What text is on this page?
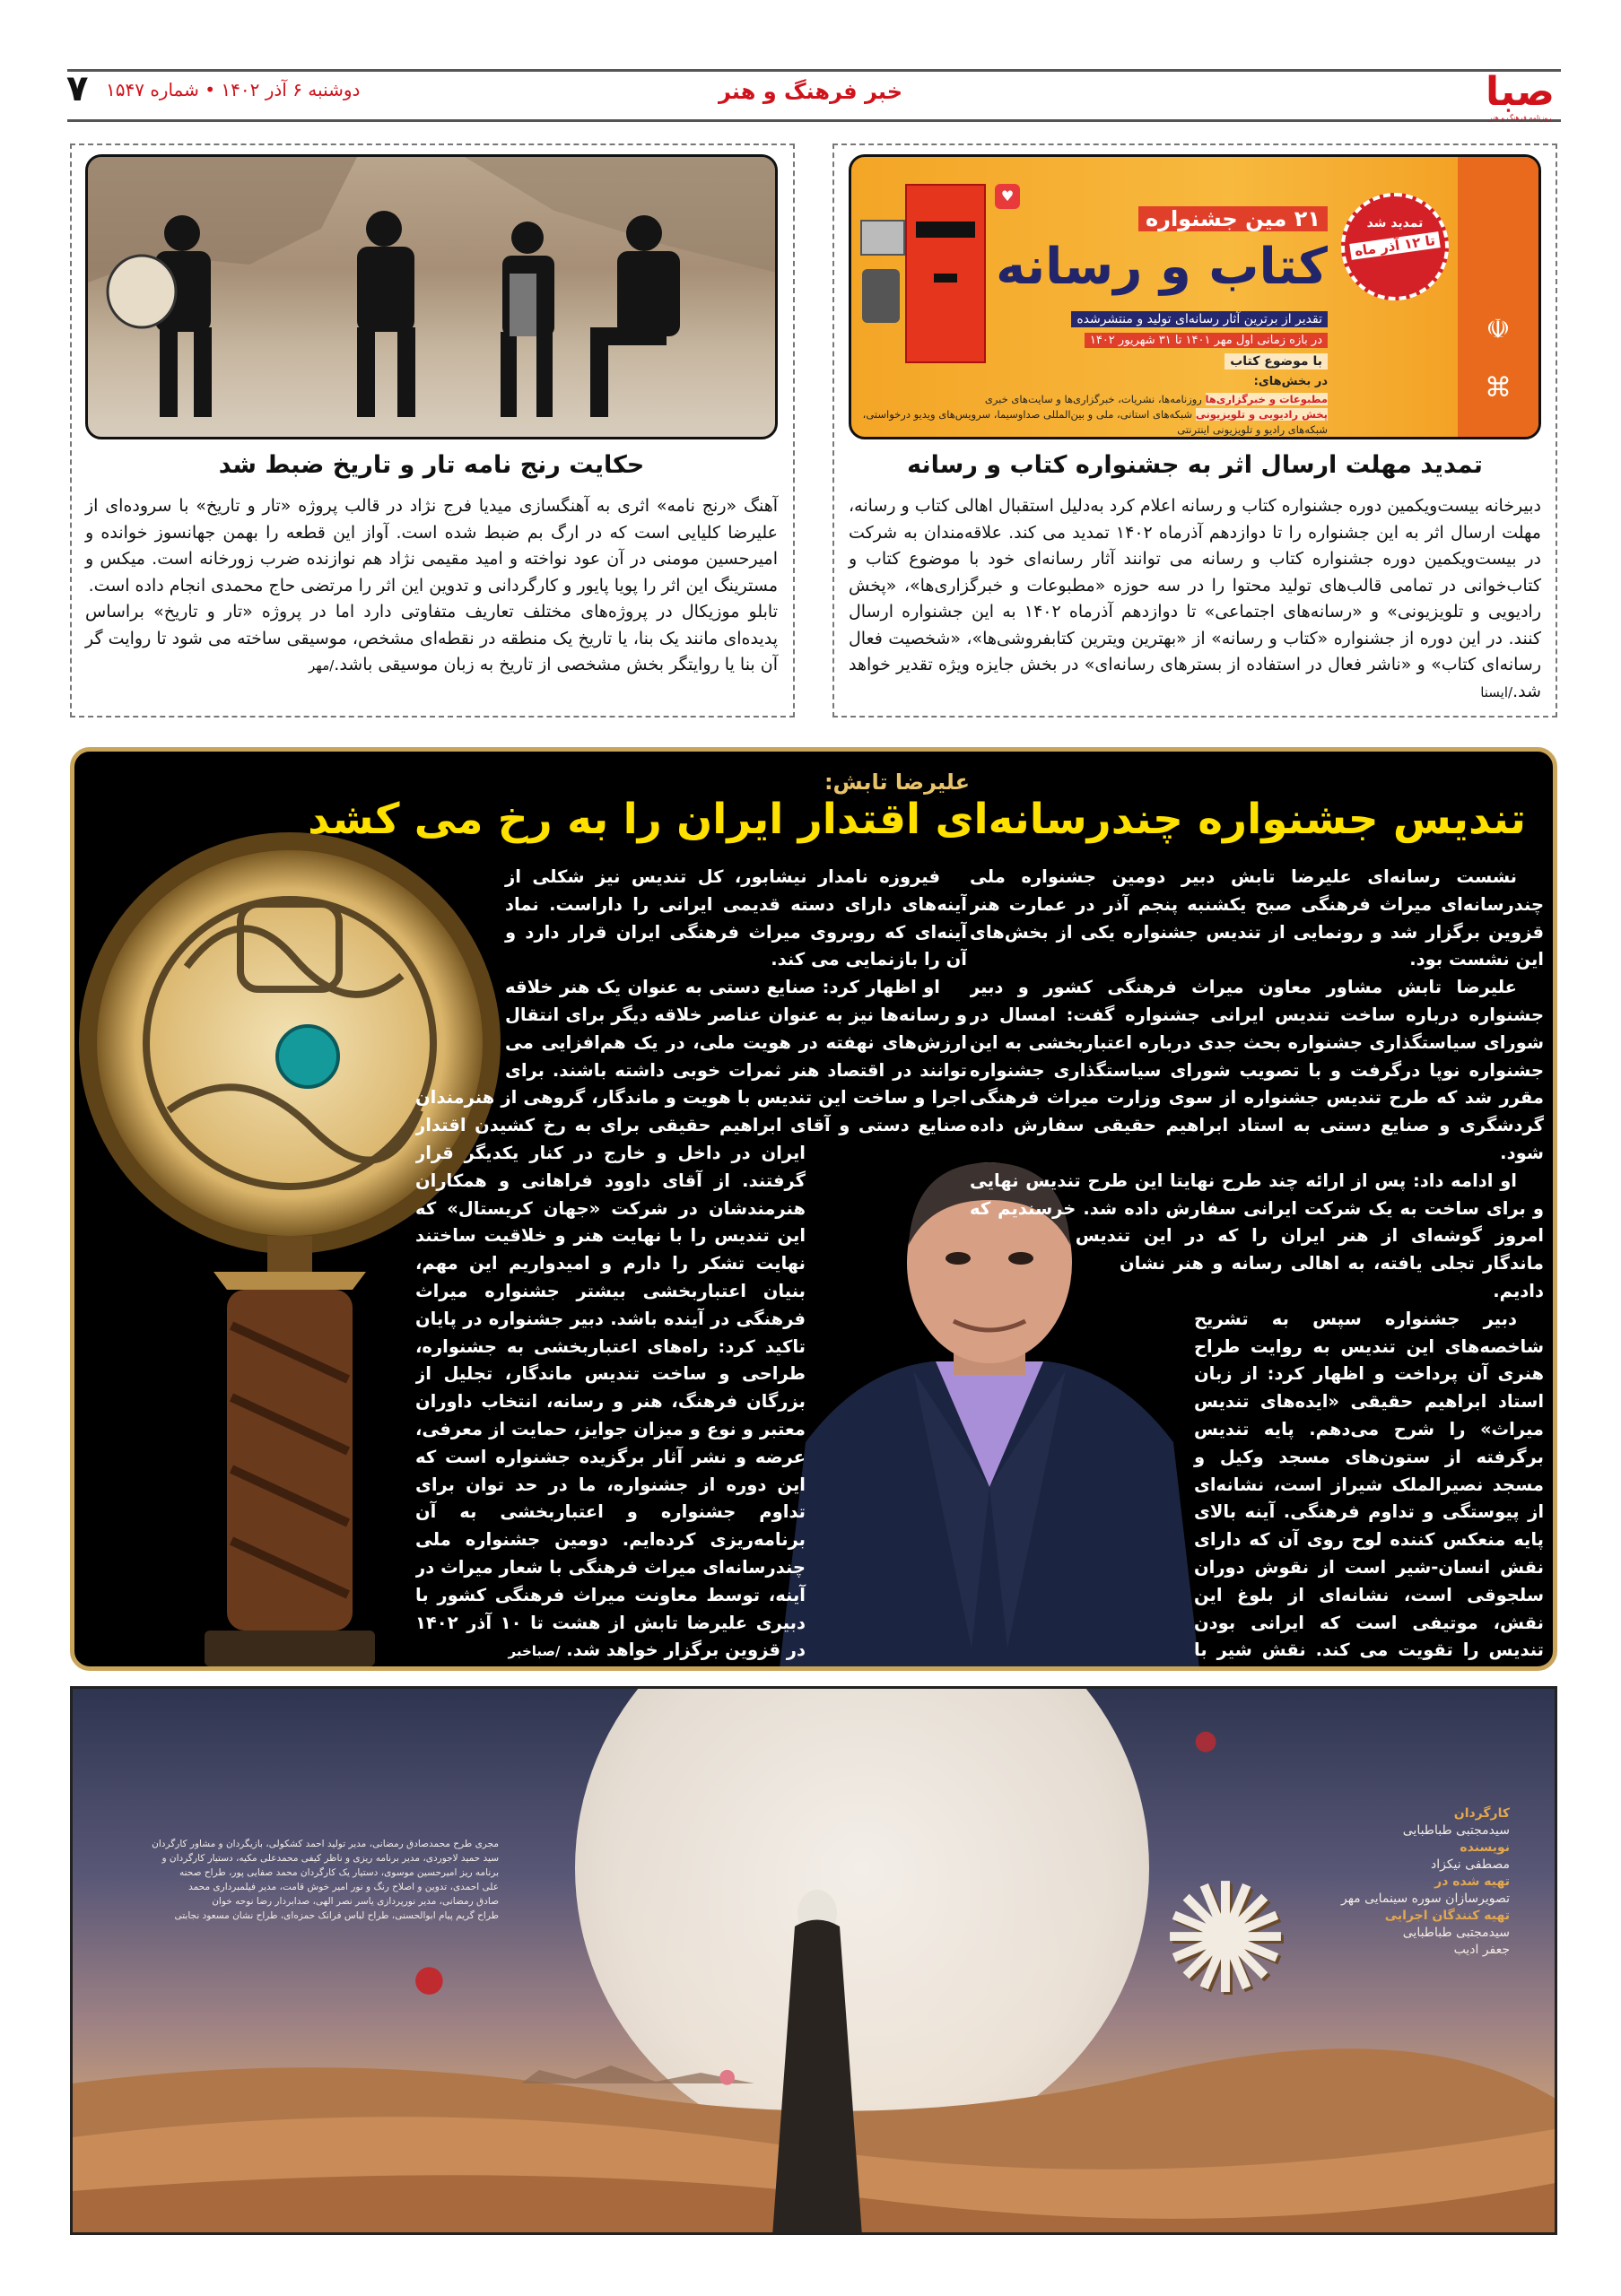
صبا
روزنامه فرهنگ و هنر
خبر فرهنگ و هنر
دوشنبه ۶ آذر ۱۴۰۲ • شماره ۱۵۴۷
۷
حکایت رنج نامه تار و تاریخ ضبط شد

آهنگ «رنج نامه» اثری به آهنگسازی میدیا فرج نژاد در قالب پروژه «تار و تاریخ» با سروده‌ای از علیرضا کلیایی است که در ارگ بم ضبط شده است. آواز این قطعه را بهمن جهانسوز خوانده و امیرحسین مومنی در آن عود نواخته و امید مقیمی نژاد هم نوازنده ضرب زورخانه است. میکس و مسترینگ این اثر را پویا پایور و کارگردانی و تدوین این اثر را مرتضی حاج محمدی انجام داده است.

تابلو موزیکال در پروژه‌های مختلف تعاریف متفاوتی دارد اما در پروژه «تار و تاریخ» براساس پدیده‌ای مانند یک بنا، یا تاریخ یک منطقه در نقطه‌ای مشخص، موسیقی ساخته می شود تا روایت گر آن بنا یا روایتگر بخش مشخصی از تاریخ به زبان موسیقی باشد./مهر

☫
⌘
تمدید شد
تا ۱۲ آذر ماه
۲۱ مین جشنواره
کتاب و رسانه
تقدیر از برترین آثار رسانه‌ای تولید و منتشرشده
در بازه زمانی اول مهر ۱۴۰۱ تا ۳۱ شهریور ۱۴۰۲
با موضوع کتاب
در بخش‌های:
مطبوعات و خبرگزاری‌ها روزنامه‌ها، نشریات، خبرگزاری‌ها و سایت‌های خبری
پخش رادیویی و تلویزیونی شبکه‌های استانی، ملی و بین‌المللی صداوسیما، سرویس‌های ویدیو درخواستی، شبکه‌های رادیو و تلویزیونی اینترنتی
♥
تمدید مهلت ارسال اثر به جشنواره کتاب و رسانه

دبیرخانه بیست‌ویکمین دوره جشنواره کتاب و رسانه اعلام کرد به‌دلیل استقبال اهالی کتاب و رسانه، مهلت ارسال اثر به این جشنواره را تا دوازدهم آذرماه ۱۴۰۲ تمدید می کند. علاقه‌مندان به شرکت در بیست‌ویکمین دوره جشنواره کتاب و رسانه می توانند آثار رسانه‌ای خود با موضوع کتاب و کتاب‌خوانی در تمامی قالب‌های تولید محتوا را در سه حوزه «مطبوعات و خبرگزاری‌ها»، «پخش رادیویی و تلویزیونی» و «رسانه‌های اجتماعی» تا دوازدهم آذرماه ۱۴۰۲ به این جشنواره ارسال کنند. در این دوره از جشنواره «کتاب و رسانه» از «بهترین ویترین کتابفروشی‌ها»، «شخصیت فعال رسانه‌ای کتاب» و «ناشر فعال در استفاده از بسترهای رسانه‌ای» در بخش جایزه ویژه تقدیر خواهد شد./ایسنا

علیرضا تابش:
تندیس جشنواره چندرسانه‌ای اقتدار ایران را به رخ می کشد

نشست رسانه‌ای علیرضا تابش دبیر دومین جشنواره ملی چندرسانه‌ای میراث فرهنگی صبح یکشنبه پنجم آذر در عمارت هنر قزوین برگزار شد و رونمایی از تندیس جشنواره یکی از بخش‌های این نشست بود.

علیرضا تابش مشاور معاون میراث فرهنگی کشور و دبیر جشنواره درباره ساخت تندیس ایرانی جشنواره گفت: امسال در شورای سیاستگذاری جشنواره بحث جدی درباره اعتباربخشی به این جشنواره نوپا درگرفت و با تصویب شورای سیاستگذاری جشنواره مقرر شد که طرح تندیس جشنواره از سوی وزارت میراث فرهنگی گردشگری و صنایع دستی به استاد ابراهیم حقیقی سفارش داده شود.

او ادامه داد: پس از ارائه چند طرح نهایتا این طرح تندیس نهایی و برای ساخت به یک شرکت ایرانی سفارش داده شد. خرسندیم که امروز گوشه‌ای از هنر ایران را که در این تندیس ماندگار تجلی یافته، به اهالی رسانه و هنر نشان دادیم.

دبیر جشنواره سپس به تشریح شاخصه‌های این تندیس به روایت طراح هنری آن پرداخت و اظهار کرد: از زبان استاد ابراهیم حقیقی «ایده‌های تندیس میراث» را شرح می‌دهم. پایه تندیس برگرفته از ستون‌های مسجد وکیل و مسجد نصیرالملک شیراز است، نشانه‌ای از پیوستگی و تداوم فرهنگی. آینه بالای پایه منعکس کننده لوح روی آن که دارای نقش انسان-شیر است از نقوش دوران سلجوقی است، نشانه‌ای از بلوغ این نقش، موتیفی است که ایرانی بودن تندیس را تقویت می کند. نقش شیر با

فیروزه نامدار نیشابور، کل تندیس نیز شکلی از آینه‌های دارای دسته قدیمی ایرانی را داراست. نماد آینه‌ای که روبروی میراث فرهنگی ایران قرار دارد و آن را بازنمایی می کند.

او اظهار کرد: صنایع دستی به عنوان یک هنر خلاقه و رسانه‌ها نیز به عنوان عناصر خلاقه دیگر برای انتقال ارزش‌های نهفته در هویت ملی، در یک هم‌افزایی می توانند در اقتصاد هنر ثمرات خوبی داشته باشند. برای اجرا و ساخت این تندیس با هویت و ماندگار، گروهی از هنرمندان صنایع دستی و آقای ابراهیم حقیقی برای به رخ کشیدن اقتدار ایران در داخل و خارج در کنار یکدیگر قرار گرفتند. از آقای داوود فراهانی و همکاران هنرمندشان در شرکت «جهان کریستال» که این تندیس را با نهایت هنر و خلاقیت ساختند نهایت تشکر را دارم و امیدواریم این مهم، بنیان اعتباربخشی بیشتر جشنواره میراث فرهنگی در آینده باشد. دبیر جشنواره در پایان تاکید کرد: راه‌های اعتباربخشی به جشنواره، طراحی و ساخت تندیس ماندگار، تجلیل از بزرگان فرهنگ، هنر و رسانه، انتخاب داوران معتبر و نوع و میزان جوایز، حمایت از معرفی، عرضه و نشر آثار برگزیده جشنواره است که این دوره از جشنواره، ما در حد توان برای تداوم جشنواره و اعتباربخشی به آن برنامه‌ریزی کرده‌ایم. دومین جشنواره ملی چندرسانه‌ای میراث فرهنگی با شعار میراث در آینه، توسط معاونت میراث فرهنگی کشور با دبیری علیرضا تابش از هشت تا ۱۰ آذر ۱۴۰۲ در قزوین برگزار خواهد شد. /صباخبر

✺
●
●
●
کارگردان
سیدمجتبی طباطبایی
نویسنده
مصطفی نیکزاد
تهیه شده در
تصویرسازان سوره سینمایی مهر
تهیه کنندگان اجرایی
سیدمجتبی طباطبایی
جعفر ادیب
مجری طرح محمدصادق رمضانی، مدیر تولید احمد کشکولی، بازیگردان و مشاور کارگردان
سید حمید لاجوردی، مدیر برنامه ریزی و ناظر کیفی محمدعلی مکیه، دستیار کارگردان و
برنامه ریز امیرحسین موسوی، دستیار یک کارگردان محمد صفایی پور، طراح صحنه
علی احمدی، تدوین و اصلاح رنگ و نور امیر خوش قامت، مدیر فیلمبرداری محمد
صادق رمضانی، مدیر نورپردازی یاسر نصر الهی، صدابردار رضا نوحه خوان
طراح گریم پیام ابوالحسنی، طراح لباس فرانک حمزه‌ای، طراح نشان مسعود نجابتی
